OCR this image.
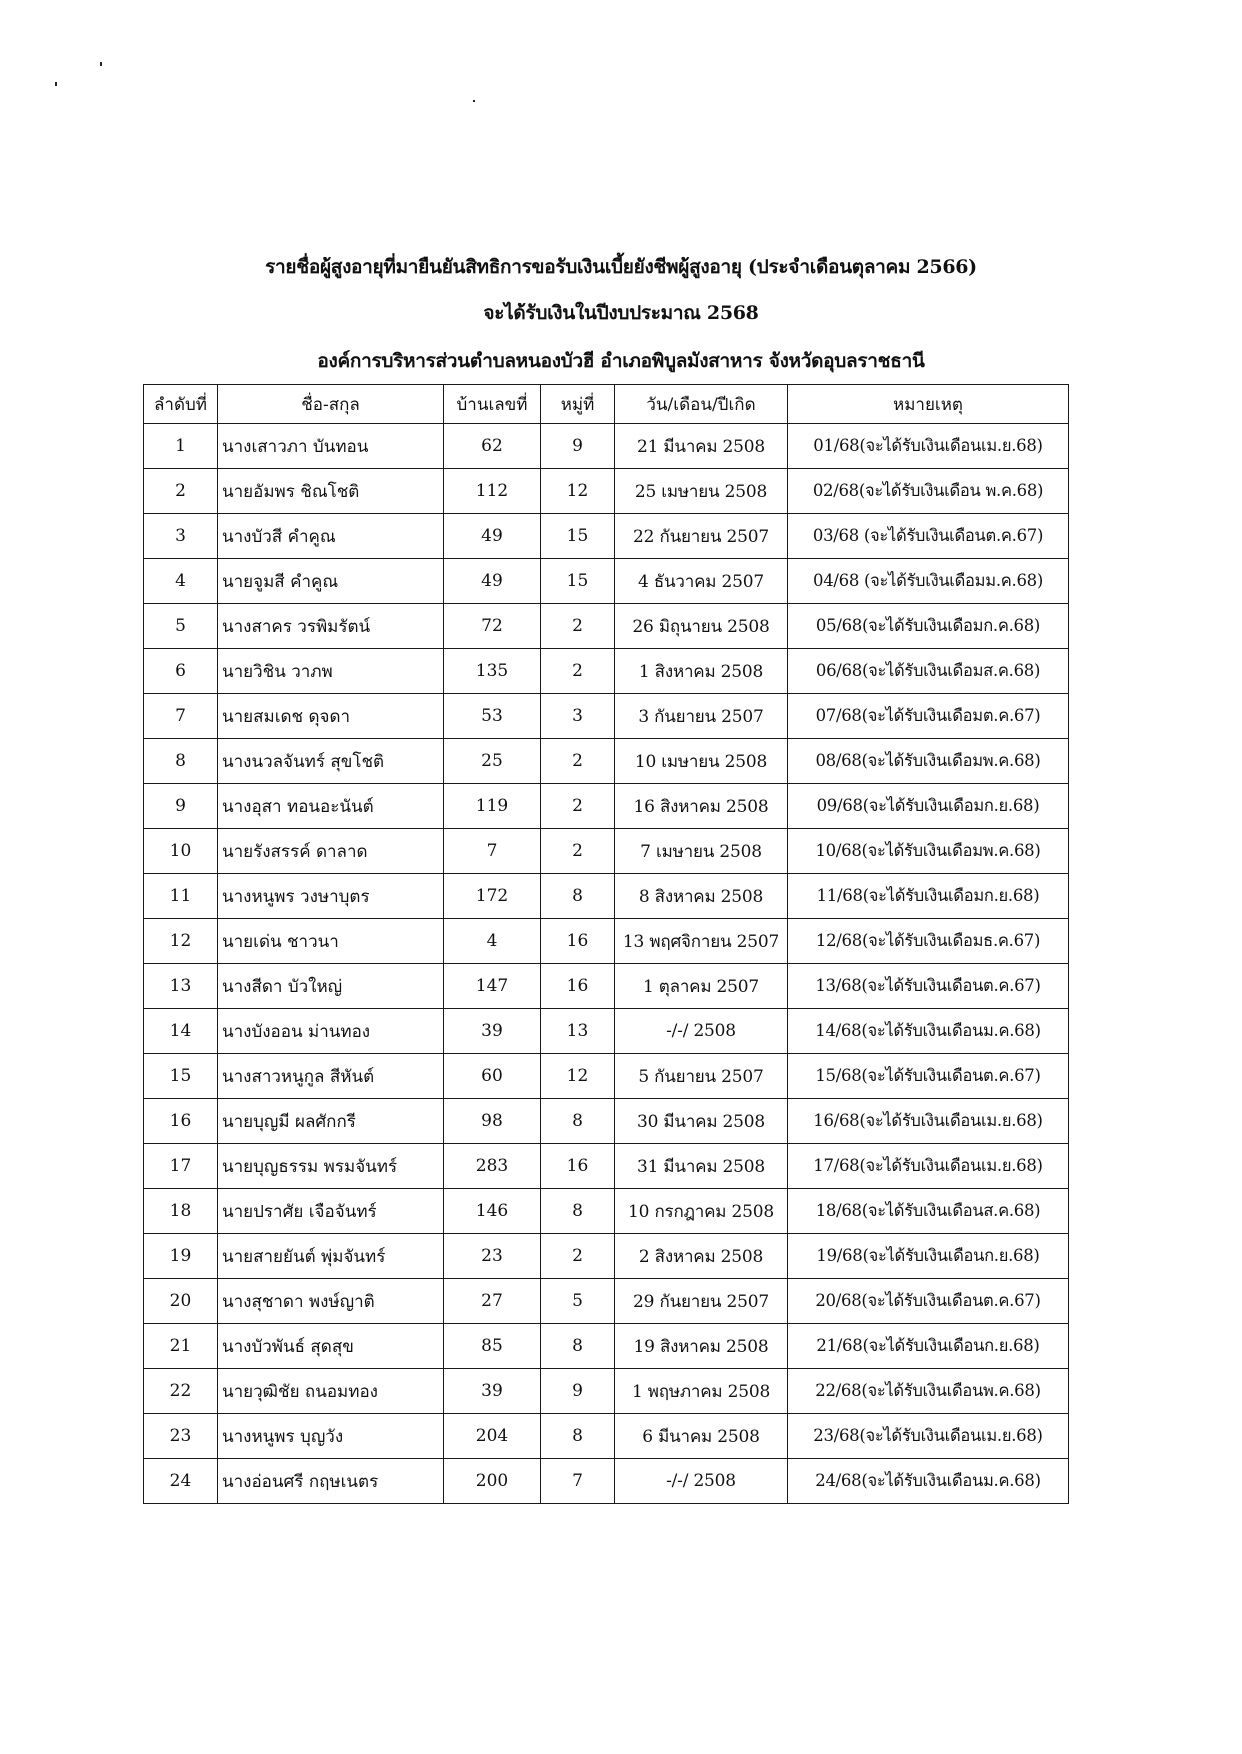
รายชื่อผู้สูงอายุที่มายืนยันสิทธิการขอรับเงินเบี้ยยังชีพผู้สูงอายุ (ประจำเดือนตุลาคม 2566)
จะได้รับเงินในปีงบประมาณ 2568
องค์การบริหารส่วนตำบลหนองบัวฮี อำเภอพิบูลมังสาหาร จังหวัดอุบลราชธานี
ลำดับที่	ชื่อ-สกุล	บ้านเลขที่	หมู่ที่	วัน/เดือน/ปีเกิด	หมายเหตุ
1	นางเสาวภา บันทอน	62	9	21 มีนาคม 2508	01/68(จะได้รับเงินเดือนเม.ย.68)
2	นายอัมพร ชิณโชติ	112	12	25 เมษายน 2508	02/68(จะได้รับเงินเดือน พ.ค.68)
3	นางบัวสี คำคูณ	49	15	22 กันยายน 2507	03/68 (จะได้รับเงินเดือนต.ค.67)
4	นายจูมสี คำคูณ	49	15	4 ธันวาคม 2507	04/68 (จะได้รับเงินเดือมม.ค.68)
5	นางสาคร วรพิมรัตน์	72	2	26 มิถุนายน 2508	05/68(จะได้รับเงินเดือมก.ค.68)
6	นายวิชิน วาภพ	135	2	1 สิงหาคม 2508	06/68(จะได้รับเงินเดือมส.ค.68)
7	นายสมเดช ดุจดา	53	3	3 กันยายน 2507	07/68(จะได้รับเงินเดือมต.ค.67)
8	นางนวลจันทร์ สุขโชติ	25	2	10 เมษายน 2508	08/68(จะได้รับเงินเดือมพ.ค.68)
9	นางอุสา ทอนอะนันต์	119	2	16 สิงหาคม 2508	09/68(จะได้รับเงินเดือมก.ย.68)
10	นายรังสรรค์ ดาลาด	7	2	7 เมษายน 2508	10/68(จะได้รับเงินเดือมพ.ค.68)
11	นางหนูพร วงษาบุตร	172	8	8 สิงหาคม 2508	11/68(จะได้รับเงินเดือมก.ย.68)
12	นายเด่น ชาวนา	4	16	13 พฤศจิกายน 2507	12/68(จะได้รับเงินเดือมธ.ค.67)
13	นางสีดา บัวใหญ่	147	16	1 ตุลาคม 2507	13/68(จะได้รับเงินเดือนต.ค.67)
14	นางบังออน ม่านทอง	39	13	-/-/ 2508	14/68(จะได้รับเงินเดือนม.ค.68)
15	นางสาวหนูกูล สีหันต์	60	12	5 กันยายน 2507	15/68(จะได้รับเงินเดือนต.ค.67)
16	นายบุญมี ผลศักกรี	98	8	30 มีนาคม 2508	16/68(จะได้รับเงินเดือนเม.ย.68)
17	นายบุญธรรม พรมจันทร์	283	16	31 มีนาคม 2508	17/68(จะได้รับเงินเดือนเม.ย.68)
18	นายปราศัย เจือจันทร์	146	8	10 กรกฎาคม 2508	18/68(จะได้รับเงินเดือนส.ค.68)
19	นายสายยันต์ พุ่มจันทร์	23	2	2 สิงหาคม 2508	19/68(จะได้รับเงินเดือนก.ย.68)
20	นางสุชาดา พงษ์ญาติ	27	5	29 กันยายน 2507	20/68(จะได้รับเงินเดือนต.ค.67)
21	นางบัวพันธ์ สุดสุข	85	8	19 สิงหาคม 2508	21/68(จะได้รับเงินเดือนก.ย.68)
22	นายวุฒิชัย ถนอมทอง	39	9	1 พฤษภาคม 2508	22/68(จะได้รับเงินเดือนพ.ค.68)
23	นางหนูพร บุญวัง	204	8	6 มีนาคม 2508	23/68(จะได้รับเงินเดือนเม.ย.68)
24	นางอ่อนศรี กฤษเนตร	200	7	-/-/ 2508	24/68(จะได้รับเงินเดือนม.ค.68)
